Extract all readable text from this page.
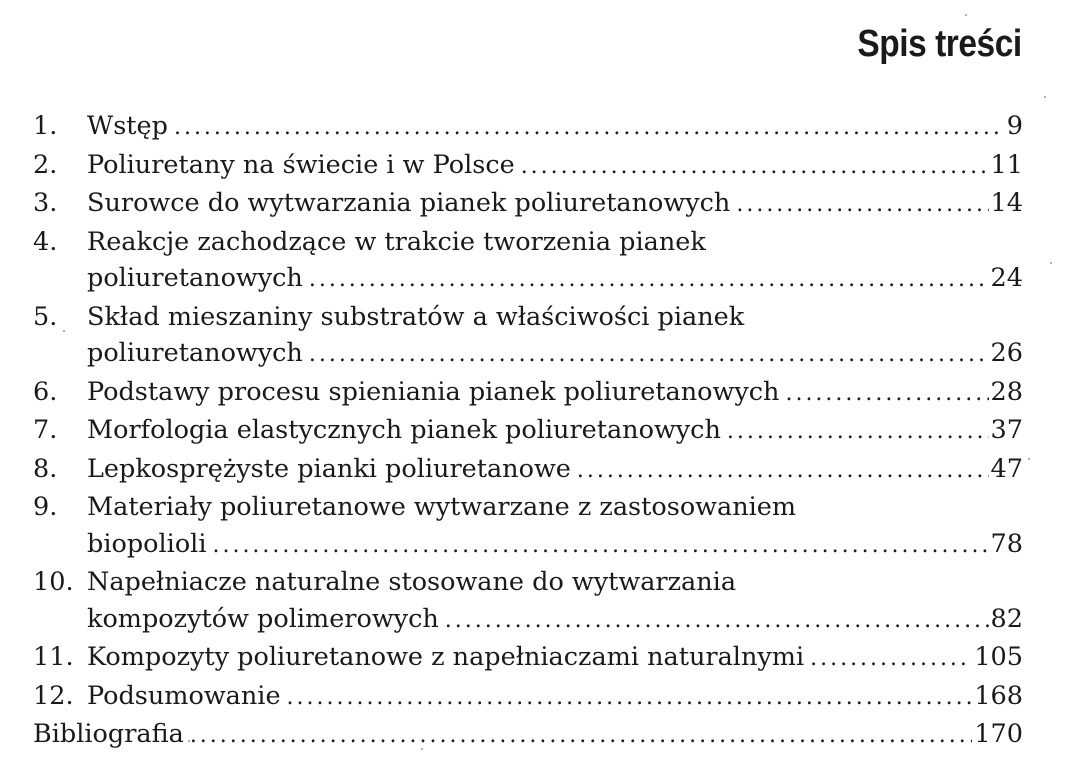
Spis treści
1. Wstęp . . .	9
2. Poliuretany na świecie i w Polsce . . .	11
3. Surowce do wytwarzania pianek poliuretanowych . . .	14
4. Reakcje zachodzące w trakcie tworzenia pianek
poliuretanowych . . .	24
5. Skład mieszaniny substratów a właściwości pianek
poliuretanowych . . .	26
6. Podstawy procesu spieniania pianek poliuretanowych . . .	28
7. Morfologia elastycznych pianek poliuretanowych . . .	37
8. Lepkosprężyste pianki poliuretanowe . . .	47
9. Materiały poliuretanowe wytwarzane z zastosowaniem
biopolioli . . .	78
10. Napełniacze naturalne stosowane do wytwarzania
kompozytów polimerowych . . .	82
11. Kompozyty poliuretanowe z napełniaczami naturalnymi . . .	105
12. Podsumowanie . . .	168
Bibliografia . . .	170
